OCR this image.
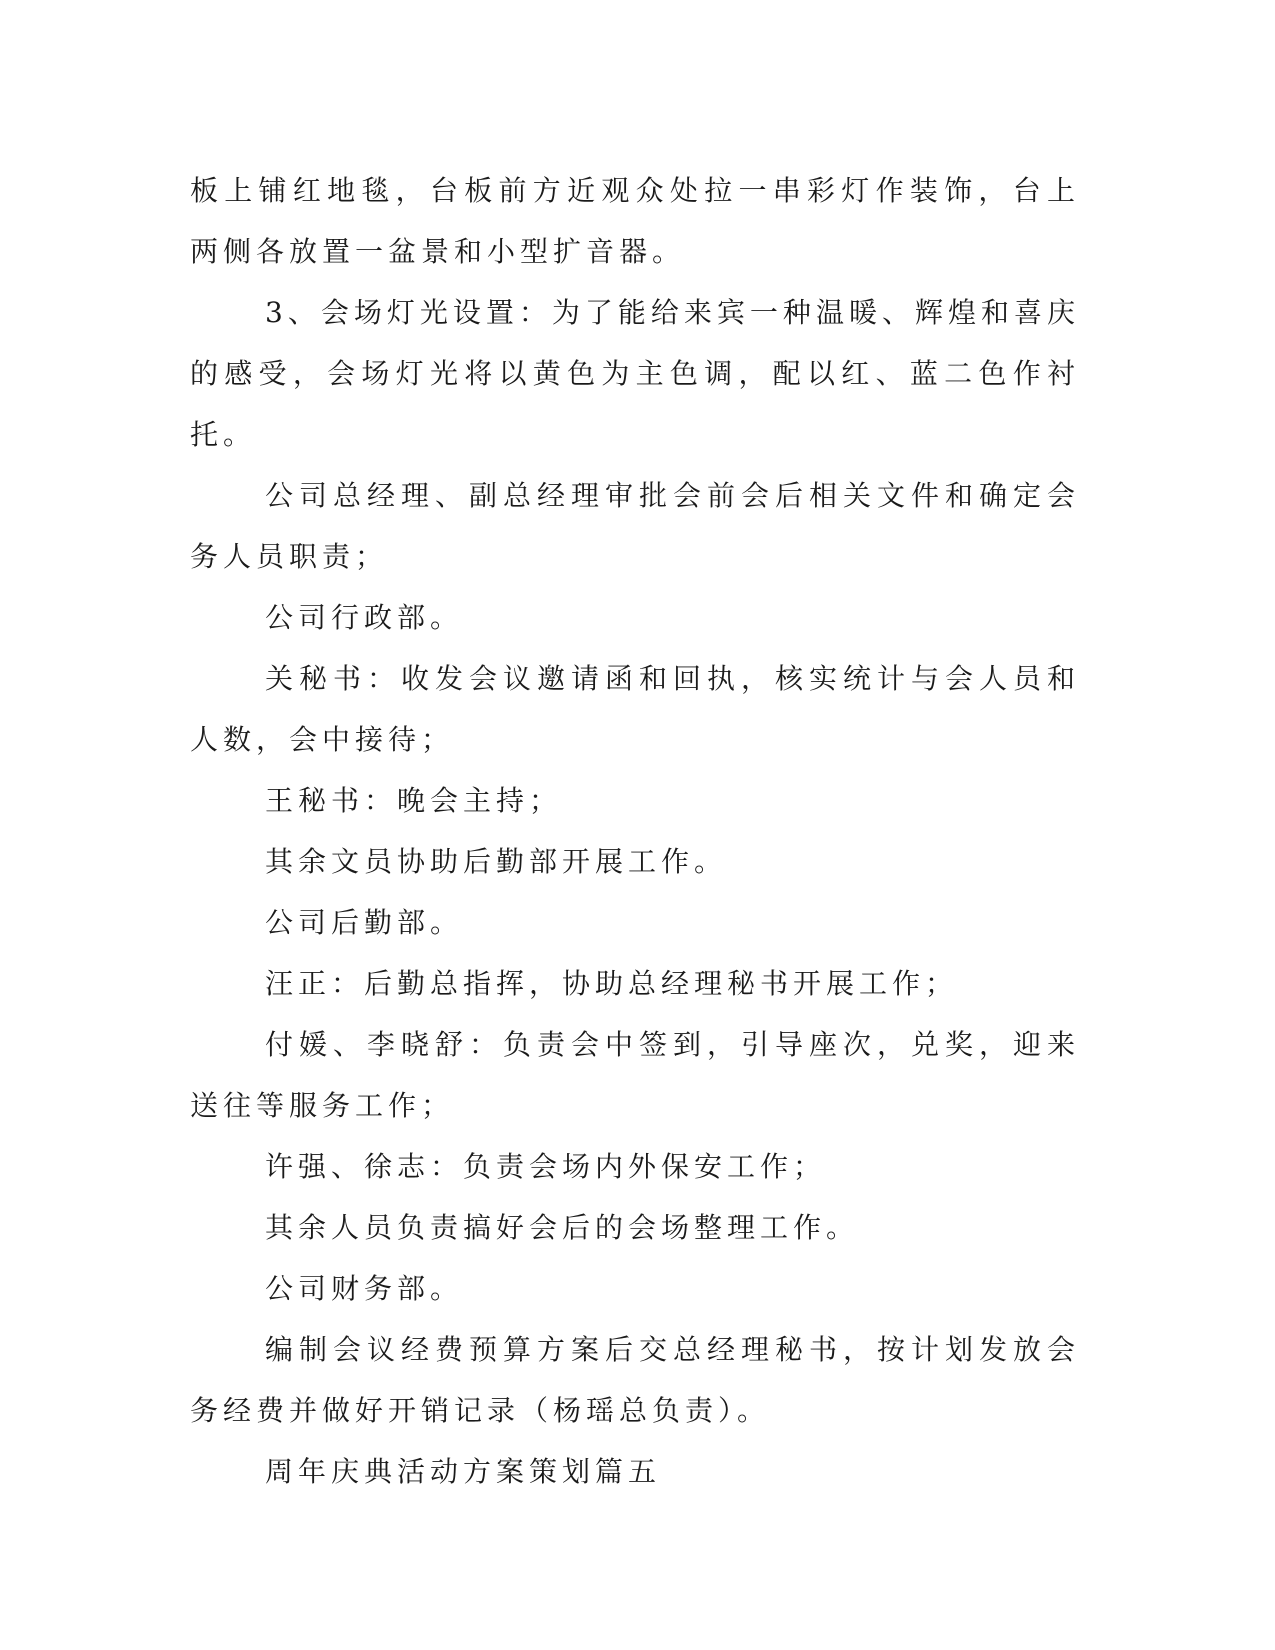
板上铺红地毯，台板前方近观众处拉一串彩灯作装饰，台上两侧各放置一盆景和小型扩音器。

3、会场灯光设置：为了能给来宾一种温暖、辉煌和喜庆的感受，会场灯光将以黄色为主色调，配以红、蓝二色作衬托。

公司总经理、副总经理审批会前会后相关文件和确定会务人员职责；

公司行政部。

关秘书：收发会议邀请函和回执，核实统计与会人员和人数，会中接待；

王秘书：晚会主持；

其余文员协助后勤部开展工作。

公司后勤部。

汪正：后勤总指挥，协助总经理秘书开展工作；

付媛、李晓舒：负责会中签到，引导座次，兑奖，迎来送往等服务工作；

许强、徐志：负责会场内外保安工作；

其余人员负责搞好会后的会场整理工作。

公司财务部。

编制会议经费预算方案后交总经理秘书，按计划发放会务经费并做好开销记录（杨瑶总负责）。

周年庆典活动方案策划篇五
